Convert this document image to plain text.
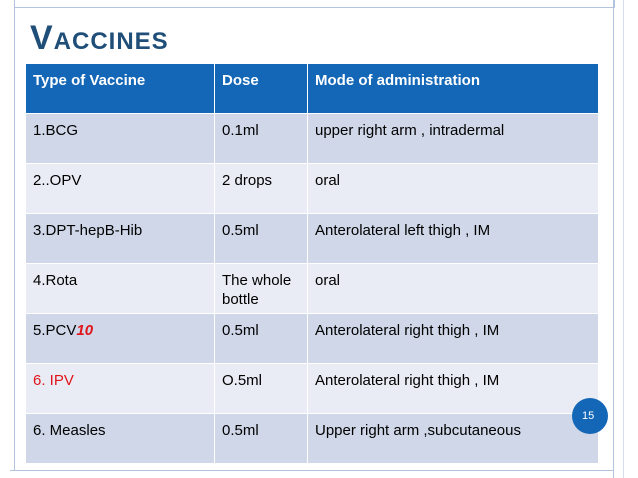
Vaccines
Type of Vaccine	Dose	Mode of administration
1.BCG	0.1ml	upper right arm , intradermal
2..OPV	2 drops	oral
3.DPT-hepB-Hib	0.5ml	Anterolateral left thigh , IM
4.Rota	The whole bottle	oral
5.PCV10	0.5ml	Anterolateral right thigh , IM
6. IPV	O.5ml	Anterolateral right thigh , IM
6. Measles	0.5ml	Upper right arm ,subcutaneous
15
